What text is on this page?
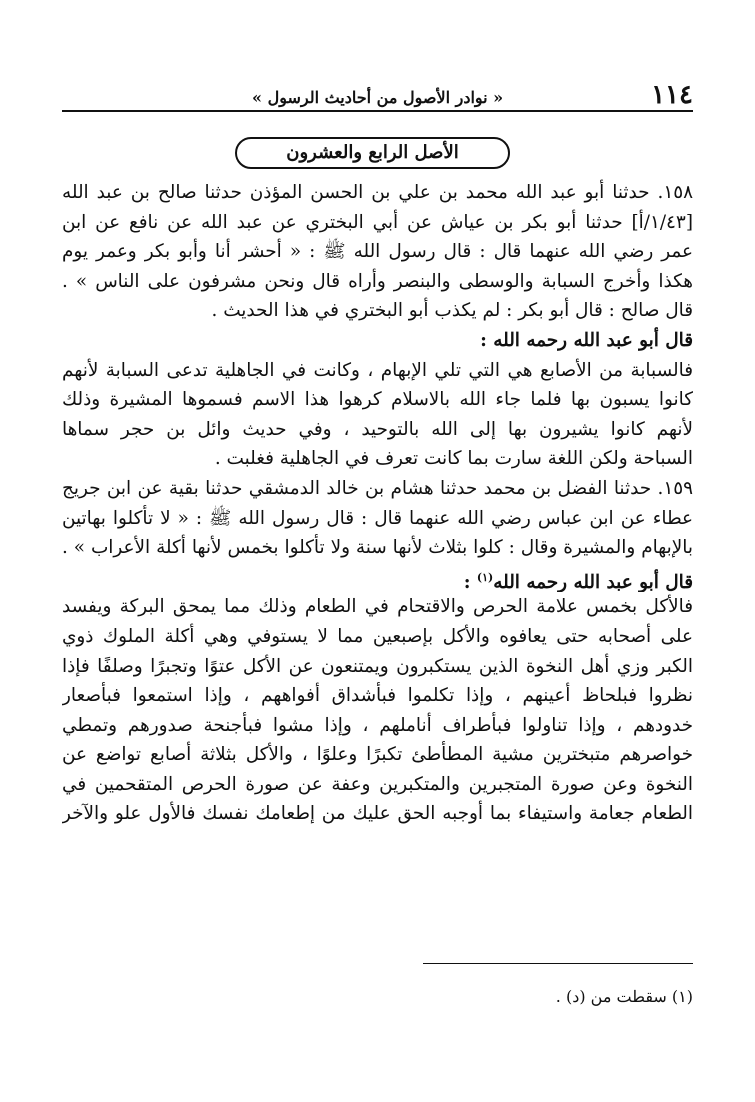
١١٤
« نوادر الأصول من أحاديث الرسول »
الأصل الرابع والعشرون
١٥٨. حدثنا أبو عبد الله محمد بن علي بن الحسن المؤذن حدثنا صالح بن عبد الله
[١/٤٣/أ] حدثنا أبو بكر بن عياش عن أبي البختري عن عبد الله عن نافع عن ابن
عمر رضي الله عنهما قال : قال رسول الله ﷺ : « أحشر أنا وأبو بكر وعمر يوم
هكذا وأخرج السبابة والوسطى والبنصر وأراه قال ونحن مشرفون على الناس » .
قال صالح : قال أبو بكر : لم يكذب أبو البختري في هذا الحديث .
قال أبو عبد الله رحمه الله :
فالسبابة من الأصابع هي التي تلي الإبهام ، وكانت في الجاهلية تدعى السبابة لأنهم
كانوا يسبون بها فلما جاء الله بالاسلام كرهوا هذا الاسم فسموها المشيرة وذلك
لأنهم كانوا يشيرون بها إلى الله بالتوحيد ، وفي حديث وائل بن حجر سماها
السباحة ولكن اللغة سارت بما كانت تعرف في الجاهلية فغلبت .
١٥٩. حدثنا الفضل بن محمد حدثنا هشام بن خالد الدمشقي حدثنا بقية عن ابن جريج
عطاء عن ابن عباس رضي الله عنهما قال : قال رسول الله ﷺ : « لا تأكلوا بهاتين
بالإبهام والمشيرة وقال : كلوا بثلاث لأنها سنة ولا تأكلوا بخمس لأنها أكلة الأعراب » .
قال أبو عبد الله رحمه الله$^{(١)}$ :
فالأكل بخمس علامة الحرص والاقتحام في الطعام وذلك مما يمحق البركة ويفسد
على أصحابه حتى يعافوه والأكل بإصبعين مما لا يستوفي وهي أكلة الملوك ذوي
الكبر وزي أهل النخوة الذين يستكبرون ويمتنعون عن الأكل عتوًا وتجبرًا وصلفًا فإذا
نظروا فبلحاظ أعينهم ، وإذا تكلموا فبأشداق أفواههم ، وإذا استمعوا فبأصعار
خدودهم ، وإذا تناولوا فبأطراف أناملهم ، وإذا مشوا فبأجنحة صدورهم وتمطي
خواصرهم متبخترين مشية المطأطئ تكبرًا وعلوًا ، والأكل بثلاثة أصابع تواضع عن
النخوة وعن صورة المتجبرين والمتكبرين وعفة عن صورة الحرص المتقحمين في
الطعام جعامة واستيفاء بما أوجبه الحق عليك من إطعامك نفسك فالأول علو والآخر
(١) سقطت من (د) .
